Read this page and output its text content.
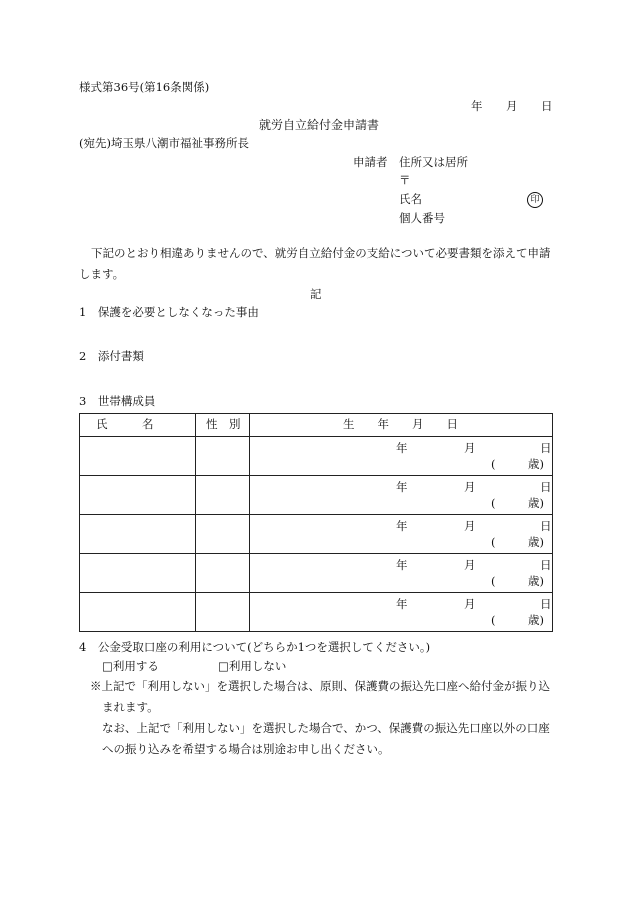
様式第36号(第16条関係)
年 月 日
就労自立給付金申請書
(宛先)埼玉県八潮市福祉事務所長
申請者 住所又は居所
〒
氏名	印
個人番号
下記のとおり相違ありませんので、就労自立給付金の支給について必要書類を添えて申請します。
記
1　保護を必要としなくなった事由
2　添付書類
3　世帯構成員
氏　　　名	性　別	生　　年　　月　　日

		年 月 日
( 歳)

		年 月 日
( 歳)

		年 月 日
( 歳)

		年 月 日
( 歳)

		年 月 日
( 歳)
4　公金受取口座の利用について(どちらか1つを選択してください。)
□利用する	□利用しない
※上記で「利用しない」を選択した場合は、原則、保護費の振込先口座へ給付金が振り込まれます。
なお、上記で「利用しない」を選択した場合で、かつ、保護費の振込先口座以外の口座への振り込みを希望する場合は別途お申し出ください。
